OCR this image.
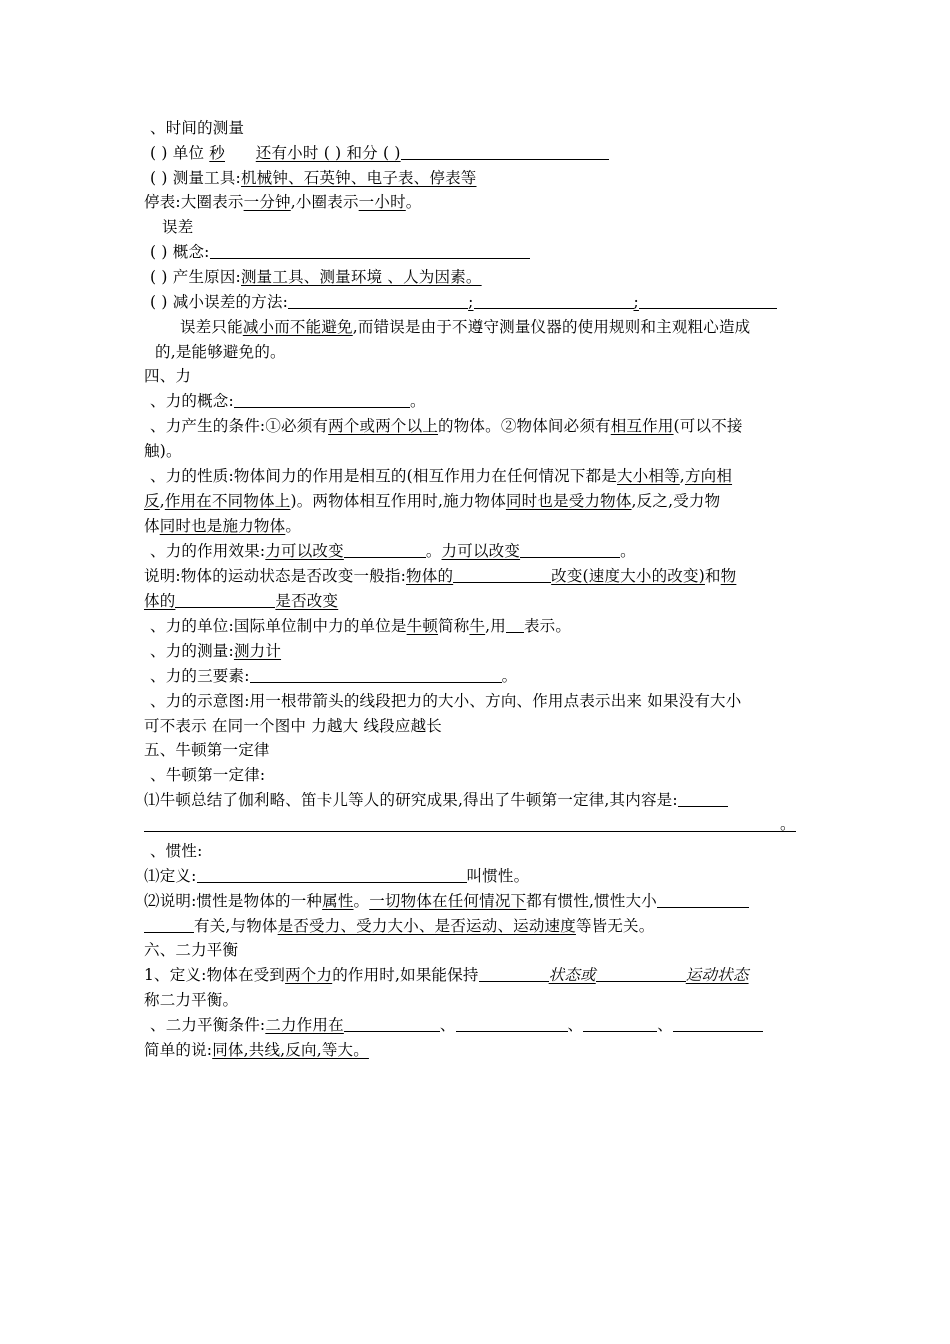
、时间的测量
( ) 单位 秒 还有小时 ( ) 和分 ( )
( ) 测量工具:机械钟、石英钟、电子表、停表等
停表:大圈表示一分钟,小圈表示一小时。
误差
( ) 概念:
( ) 产生原因:测量工具、测量环境 、人为因素。
( ) 减小误差的方法:	;	;
误差只能减小而不能避免,而错误是由于不遵守测量仪器的使用规则和主观粗心造成
的,是能够避免的。
四、力
、力的概念:	。
、力产生的条件:①必须有两个或两个以上的物体。②物体间必须有相互作用(可以不接
触)。
、力的性质:物体间力的作用是相互的(相互作用力在任何情况下都是大小相等,方向相
反,作用在不同物体上)。两物体相互作用时,施力物体同时也是受力物体,反之,受力物
体同时也是施力物体。
、力的作用效果:力可以改变	。力可以改变	。
说明:物体的运动状态是否改变一般指:物体的	改变(速度大小的改变)和物
体的	是否改变
、力的单位:国际单位制中力的单位是牛顿简称牛,用 表示。
、力的测量:测力计
、力的三要素:	。
、力的示意图:用一根带箭头的线段把力的大小、方向、作用点表示出来 如果没有大小
可不表示 在同一个图中 力越大 线段应越长
五、牛顿第一定律
、牛顿第一定律:
⑴牛顿总结了伽利略、笛卡儿等人的研究成果,得出了牛顿第一定律,其内容是:
。
、惯性:
⑴定义:	叫惯性。
⑵说明:惯性是物体的一种属性。一切物体在任何情况下都有惯性,惯性大小
有关,与物体是否受力、受力大小、是否运动、运动速度等皆无关。
六、二力平衡
1、定义:物体在受到两个力的作用时,如果能保持	状态或	运动状态
称二力平衡。
、二力平衡条件:二力作用在	、	、	、
简单的说:同体,共线,反向,等大。
